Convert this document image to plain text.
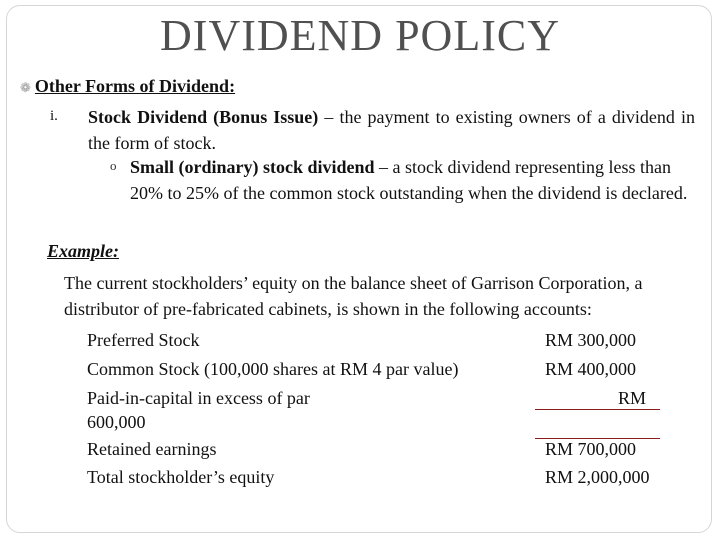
DIVIDEND POLICY
❁ Other Forms of Dividend:
i. Stock Dividend (Bonus Issue) – the payment to existing owners of a dividend in the form of stock.
o Small (ordinary) stock dividend – a stock dividend representing less than 20% to 25% of the common stock outstanding when the dividend is declared.
Example:
The current stockholders’ equity on the balance sheet of Garrison Corporation, a distributor of pre-fabricated cabinets, is shown in the following accounts:
Preferred Stock	RM 300,000
Common Stock (100,000 shares at RM 4 par value)	RM 400,000
Paid-in-capital in excess of par	RM
600,000
Retained earnings	RM 700,000
Total stockholder’s equity	RM 2,000,000
